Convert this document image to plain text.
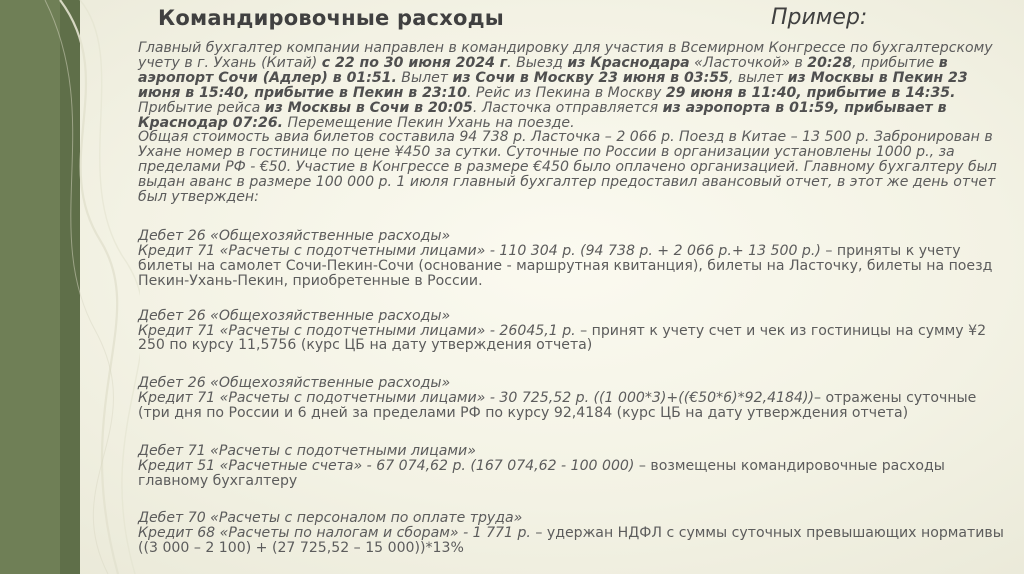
Командировочные расходы	Пример:

Главный бухгалтер компании направлен в командировку для участия в Всемирном Конгрессе по бухгалтерскому учету в г. Ухань (Китай) с 22 по 30 июня 2024 г. Выезд из Краснодара «Ласточкой» в 20:28, прибытие в аэропорт Сочи (Адлер) в 01:51. Вылет из Сочи в Москву 23 июня в 03:55, вылет из Москвы в Пекин 23 июня в 15:40, прибытие в Пекин в 23:10. Рейс из Пекина в Москву 29 июня в 11:40, прибытие в 14:35. Прибытие рейса из Москвы в Сочи в 20:05. Ласточка отправляется из аэропорта в 01:59, прибывает в Краснодар 07:26. Перемещение Пекин Ухань на поезде.
Общая стоимость авиа билетов составила 94 738 р. Ласточка – 2 066 р. Поезд в Китае – 13 500 р. Забронирован в Ухане номер в гостинице по цене ¥450 за сутки. Суточные по России в организации установлены 1000 р., за пределами РФ - €50. Участие в Конгрессе в размере €450 было оплачено организацией. Главному бухгалтеру был выдан аванс в размере 100 000 р. 1 июля главный бухгалтер предоставил авансовый отчет, в этот же день отчет был утвержден:

Дебет 26 «Общехозяйственные расходы»
Кредит 71 «Расчеты с подотчетными лицами» - 110 304 р. (94 738 р. + 2 066 р.+ 13 500 р.) – приняты к учету билеты на самолет Сочи-Пекин-Сочи (основание - маршрутная квитанция), билеты на Ласточку, билеты на поезд Пекин-Ухань-Пекин, приобретенные в России.

Дебет 26 «Общехозяйственные расходы»
Кредит 71 «Расчеты с подотчетными лицами» - 26045,1 р. – принят к учету счет и чек из гостиницы на сумму ¥2 250 по курсу 11,5756 (курс ЦБ на дату утверждения отчета)

Дебет 26 «Общехозяйственные расходы»
Кредит 71 «Расчеты с подотчетными лицами» - 30 725,52 р. ((1 000*3)+((€50*6)*92,4184))– отражены суточные (три дня по России и 6 дней за пределами РФ по курсу 92,4184 (курс ЦБ на дату утверждения отчета)

Дебет 71 «Расчеты с подотчетными лицами»
Кредит 51 «Расчетные счета» - 67 074,62 р. (167 074,62 - 100 000) – возмещены командировочные расходы главному бухгалтеру

Дебет 70 «Расчеты с персоналом по оплате труда»
Кредит 68 «Расчеты по налогам и сборам» - 1 771 р. – удержан НДФЛ с суммы суточных превышающих нормативы ((3 000 – 2 100) + (27 725,52 – 15 000))*13%
